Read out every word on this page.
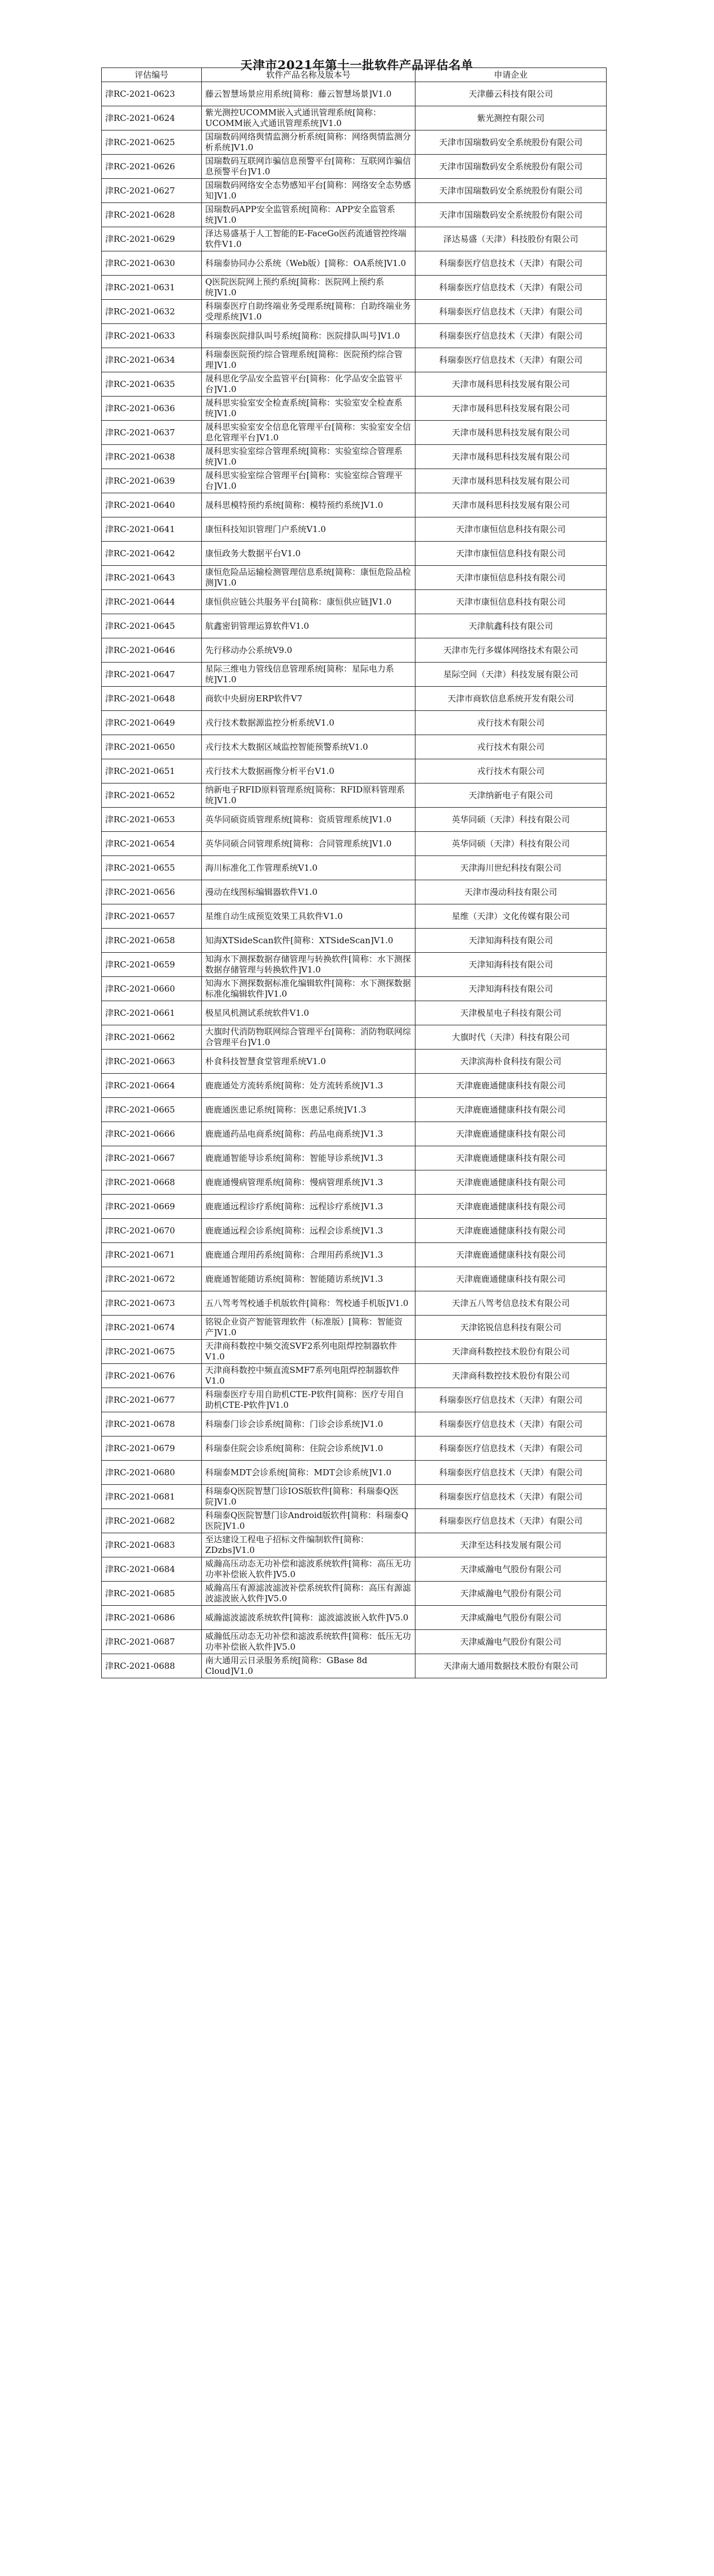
天津市2021年第十一批软件产品评估名单
评估编号	软件产品名称及版本号	申请企业
津RC-2021-0623	藤云智慧场景应用系统[简称：藤云智慧场景]V1.0	天津藤云科技有限公司
津RC-2021-0624	紫光测控UCOMM嵌入式通讯管理系统[简称：UCOMM嵌入式通讯管理系统]V1.0	紫光测控有限公司
津RC-2021-0625	国瑞数码网络舆情监测分析系统[简称：网络舆情监测分析系统]V1.0	天津市国瑞数码安全系统股份有限公司
津RC-2021-0626	国瑞数码互联网诈骗信息预警平台[简称：互联网诈骗信息预警平台]V1.0	天津市国瑞数码安全系统股份有限公司
津RC-2021-0627	国瑞数码网络安全态势感知平台[简称：网络安全态势感知]V1.0	天津市国瑞数码安全系统股份有限公司
津RC-2021-0628	国瑞数码APP安全监管系统[简称：APP安全监管系统]V1.0	天津市国瑞数码安全系统股份有限公司
津RC-2021-0629	泽达易盛基于人工智能的E-FaceGo医药流通管控终端软件V1.0	泽达易盛（天津）科技股份有限公司
津RC-2021-0630	科瑞泰协同办公系统（Web版）[简称：OA系统]V1.0	科瑞泰医疗信息技术（天津）有限公司
津RC-2021-0631	Q医院医院网上预约系统[简称：医院网上预约系统]V1.0	科瑞泰医疗信息技术（天津）有限公司
津RC-2021-0632	科瑞泰医疗自助终端业务受理系统[简称：自助终端业务受理系统]V1.0	科瑞泰医疗信息技术（天津）有限公司
津RC-2021-0633	科瑞泰医院排队叫号系统[简称：医院排队叫号]V1.0	科瑞泰医疗信息技术（天津）有限公司
津RC-2021-0634	科瑞泰医院预约综合管理系统[简称：医院预约综合管理]V1.0	科瑞泰医疗信息技术（天津）有限公司
津RC-2021-0635	晟科思化学品安全监管平台[简称：化学品安全监管平台]V1.0	天津市晟科思科技发展有限公司
津RC-2021-0636	晟科思实验室安全检查系统[简称：实验室安全检查系统]V1.0	天津市晟科思科技发展有限公司
津RC-2021-0637	晟科思实验室安全信息化管理平台[简称：实验室安全信息化管理平台]V1.0	天津市晟科思科技发展有限公司
津RC-2021-0638	晟科思实验室综合管理系统[简称：实验室综合管理系统]V1.0	天津市晟科思科技发展有限公司
津RC-2021-0639	晟科思实验室综合管理平台[简称：实验室综合管理平台]V1.0	天津市晟科思科技发展有限公司
津RC-2021-0640	晟科思模特预约系统[简称：模特预约系统]V1.0	天津市晟科思科技发展有限公司
津RC-2021-0641	康恒科技知识管理门户系统V1.0	天津市康恒信息科技有限公司
津RC-2021-0642	康恒政务大数据平台V1.0	天津市康恒信息科技有限公司
津RC-2021-0643	康恒危险品运输检测管理信息系统[简称：康恒危险品检测]V1.0	天津市康恒信息科技有限公司
津RC-2021-0644	康恒供应链公共服务平台[简称：康恒供应链]V1.0	天津市康恒信息科技有限公司
津RC-2021-0645	航鑫密钥管理运算软件V1.0	天津航鑫科技有限公司
津RC-2021-0646	先行移动办公系统V9.0	天津市先行多媒体网络技术有限公司
津RC-2021-0647	星际三维电力管线信息管理系统[简称：星际电力系统]V1.0	星际空间（天津）科技发展有限公司
津RC-2021-0648	商软中央厨房ERP软件V7	天津市商软信息系统开发有限公司
津RC-2021-0649	戎行技术数据源监控分析系统V1.0	戎行技术有限公司
津RC-2021-0650	戎行技术大数据区域监控智能预警系统V1.0	戎行技术有限公司
津RC-2021-0651	戎行技术大数据画像分析平台V1.0	戎行技术有限公司
津RC-2021-0652	纳新电子RFID原料管理系统[简称：RFID原料管理系统]V1.0	天津纳新电子有限公司
津RC-2021-0653	英华同硕资质管理系统[简称：资质管理系统]V1.0	英华同硕（天津）科技有限公司
津RC-2021-0654	英华同硕合同管理系统[简称：合同管理系统]V1.0	英华同硕（天津）科技有限公司
津RC-2021-0655	海川标准化工作管理系统V1.0	天津海川世纪科技有限公司
津RC-2021-0656	漫动在线图标编辑器软件V1.0	天津市漫动科技有限公司
津RC-2021-0657	星维自动生成预览效果工具软件V1.0	星维（天津）文化传媒有限公司
津RC-2021-0658	知海XTSideScan软件[简称：XTSideScan]V1.0	天津知海科技有限公司
津RC-2021-0659	知海水下测探数据存储管理与转换软件[简称：水下测探数据存储管理与转换软件]V1.0	天津知海科技有限公司
津RC-2021-0660	知海水下测探数据标准化编辑软件[简称：水下测探数据标准化编辑软件]V1.0	天津知海科技有限公司
津RC-2021-0661	极星风机测试系统软件V1.0	天津极星电子科技有限公司
津RC-2021-0662	大旗时代消防物联网综合管理平台[简称：消防物联网综合管理平台]V1.0	大旗时代（天津）科技有限公司
津RC-2021-0663	朴食科技智慧食堂管理系统V1.0	天津滨海朴食科技有限公司
津RC-2021-0664	鹿鹿通处方流转系统[简称：处方流转系统]V1.3	天津鹿鹿通健康科技有限公司
津RC-2021-0665	鹿鹿通医患记系统[简称：医患记系统]V1.3	天津鹿鹿通健康科技有限公司
津RC-2021-0666	鹿鹿通药品电商系统[简称：药品电商系统]V1.3	天津鹿鹿通健康科技有限公司
津RC-2021-0667	鹿鹿通智能导诊系统[简称：智能导诊系统]V1.3	天津鹿鹿通健康科技有限公司
津RC-2021-0668	鹿鹿通慢病管理系统[简称：慢病管理系统]V1.3	天津鹿鹿通健康科技有限公司
津RC-2021-0669	鹿鹿通远程诊疗系统[简称：远程诊疗系统]V1.3	天津鹿鹿通健康科技有限公司
津RC-2021-0670	鹿鹿通远程会诊系统[简称：远程会诊系统]V1.3	天津鹿鹿通健康科技有限公司
津RC-2021-0671	鹿鹿通合理用药系统[简称：合理用药系统]V1.3	天津鹿鹿通健康科技有限公司
津RC-2021-0672	鹿鹿通智能随访系统[简称：智能随访系统]V1.3	天津鹿鹿通健康科技有限公司
津RC-2021-0673	五八驾考驾校通手机版软件[简称：驾校通手机版]V1.0	天津五八驾考信息技术有限公司
津RC-2021-0674	铭锐企业资产智能管理软件（标准版）[简称：智能资产]V1.0	天津铭锐信息科技有限公司
津RC-2021-0675	天津商科数控中频交流SVF2系列电阻焊控制器软件V1.0	天津商科数控技术股份有限公司
津RC-2021-0676	天津商科数控中频直流SMF7系列电阻焊控制器软件V1.0	天津商科数控技术股份有限公司
津RC-2021-0677	科瑞泰医疗专用自助机CTE-P软件[简称：医疗专用自助机CTE-P软件]V1.0	科瑞泰医疗信息技术（天津）有限公司
津RC-2021-0678	科瑞泰门诊会诊系统[简称：门诊会诊系统]V1.0	科瑞泰医疗信息技术（天津）有限公司
津RC-2021-0679	科瑞泰住院会诊系统[简称：住院会诊系统]V1.0	科瑞泰医疗信息技术（天津）有限公司
津RC-2021-0680	科瑞泰MDT会诊系统[简称：MDT会诊系统]V1.0	科瑞泰医疗信息技术（天津）有限公司
津RC-2021-0681	科瑞泰Q医院智慧门诊IOS版软件[简称：科瑞泰Q医院]V1.0	科瑞泰医疗信息技术（天津）有限公司
津RC-2021-0682	科瑞泰Q医院智慧门诊Android版软件[简称：科瑞泰Q医院]V1.0	科瑞泰医疗信息技术（天津）有限公司
津RC-2021-0683	至达建设工程电子招标文件编制软件[简称：ZDzbs]V1.0	天津至达科技发展有限公司
津RC-2021-0684	威瀚高压动态无功补偿和滤波系统软件[简称：高压无功功率补偿嵌入软件]V5.0	天津威瀚电气股份有限公司
津RC-2021-0685	威瀚高压有源滤波滤波补偿系统软件[简称：高压有源滤波滤波嵌入软件]V5.0	天津威瀚电气股份有限公司
津RC-2021-0686	威瀚滤波滤波系统软件[简称：滤波滤波嵌入软件]V5.0	天津威瀚电气股份有限公司
津RC-2021-0687	威瀚低压动态无功补偿和滤波系统软件[简称：低压无功功率补偿嵌入软件]V5.0	天津威瀚电气股份有限公司
津RC-2021-0688	南大通用云日录服务系统[简称：GBase 8d Cloud]V1.0	天津南大通用数据技术股份有限公司
